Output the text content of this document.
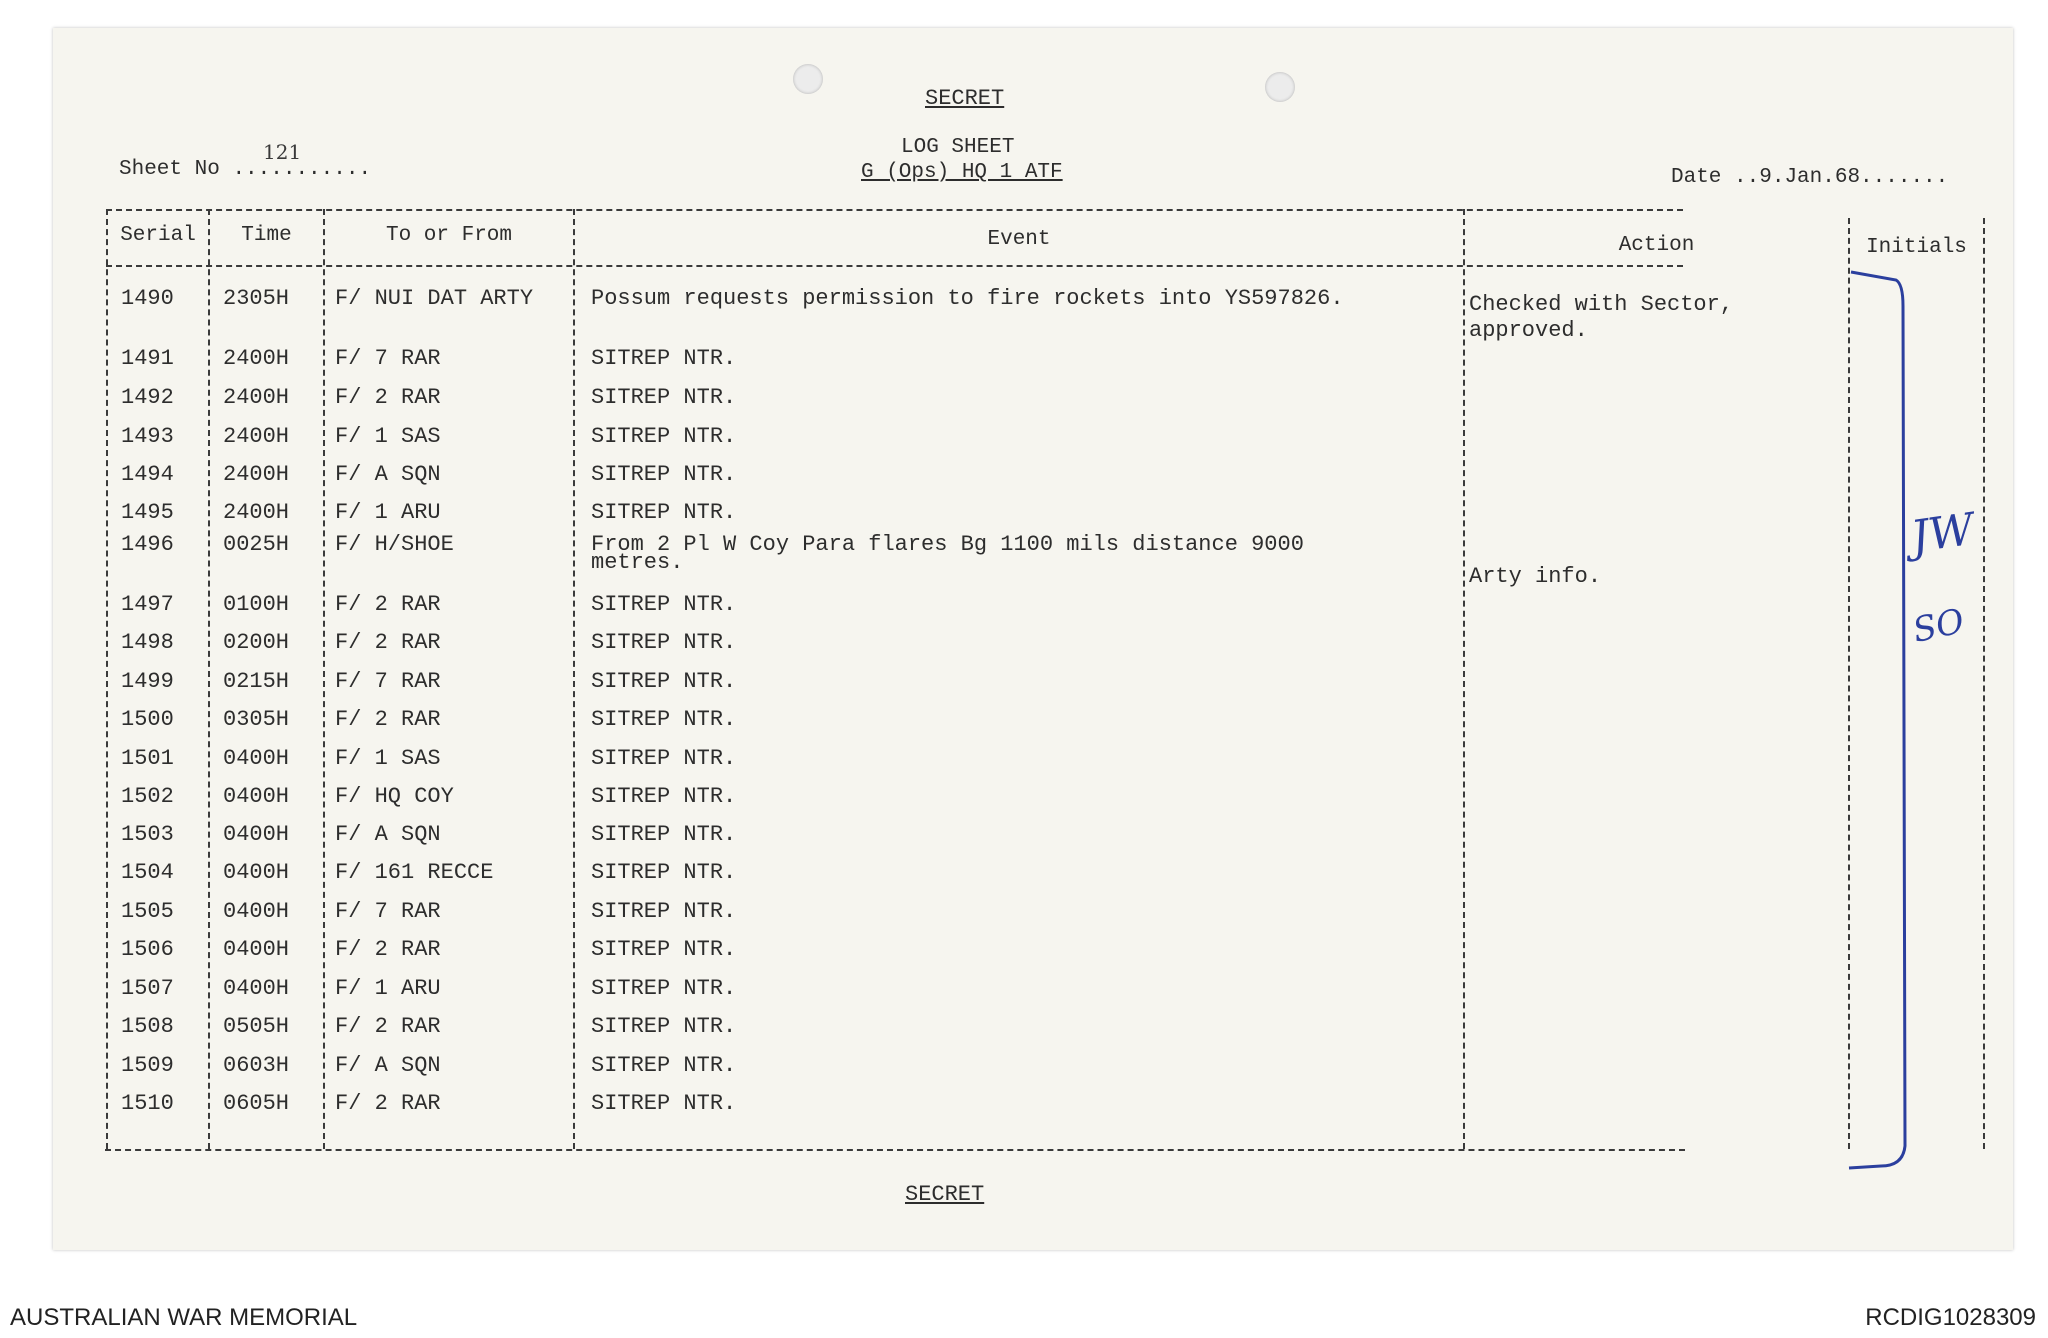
SECRET
LOG SHEET
G (Ops) HQ 1 ATF
Sheet No ...........
121
Date ..9.Jan.68.......
Serial	Time	To or From	Event	Action	Initials
1490 2305H F/ NUI DAT ARTY	Possum requests permission to fire rockets into YS597826.	Checked with Sector,
approved.
1491 2400H F/ 7 RAR	SITREP NTR.
1492 2400H F/ 2 RAR	SITREP NTR.
1493 2400H F/ 1 SAS	SITREP NTR.
1494 2400H F/ A SQN	SITREP NTR.
1495 2400H F/ 1 ARU	SITREP NTR.
1496 0025H F/ H/SHOE	From 2 Pl W Coy Para flares Bg 1100 mils distance 9000
metres.
Arty info.
1497 0100H F/ 2 RAR	SITREP NTR.
1498 0200H F/ 2 RAR	SITREP NTR.
1499 0215H F/ 7 RAR	SITREP NTR.
1500 0305H F/ 2 RAR	SITREP NTR.
1501 0400H F/ 1 SAS	SITREP NTR.
1502 0400H F/ HQ COY	SITREP NTR.
1503 0400H F/ A SQN	SITREP NTR.
1504 0400H F/ 161 RECCE	SITREP NTR.
1505 0400H F/ 7 RAR	SITREP NTR.
1506 0400H F/ 2 RAR	SITREP NTR.
1507 0400H F/ 1 ARU	SITREP NTR.
1508 0505H F/ 2 RAR	SITREP NTR.
1509 0603H F/ A SQN	SITREP NTR.
1510 0605H F/ 2 RAR	SITREP NTR.
JW
SO
SECRET
AUSTRALIAN WAR MEMORIAL	RCDIG1028309
